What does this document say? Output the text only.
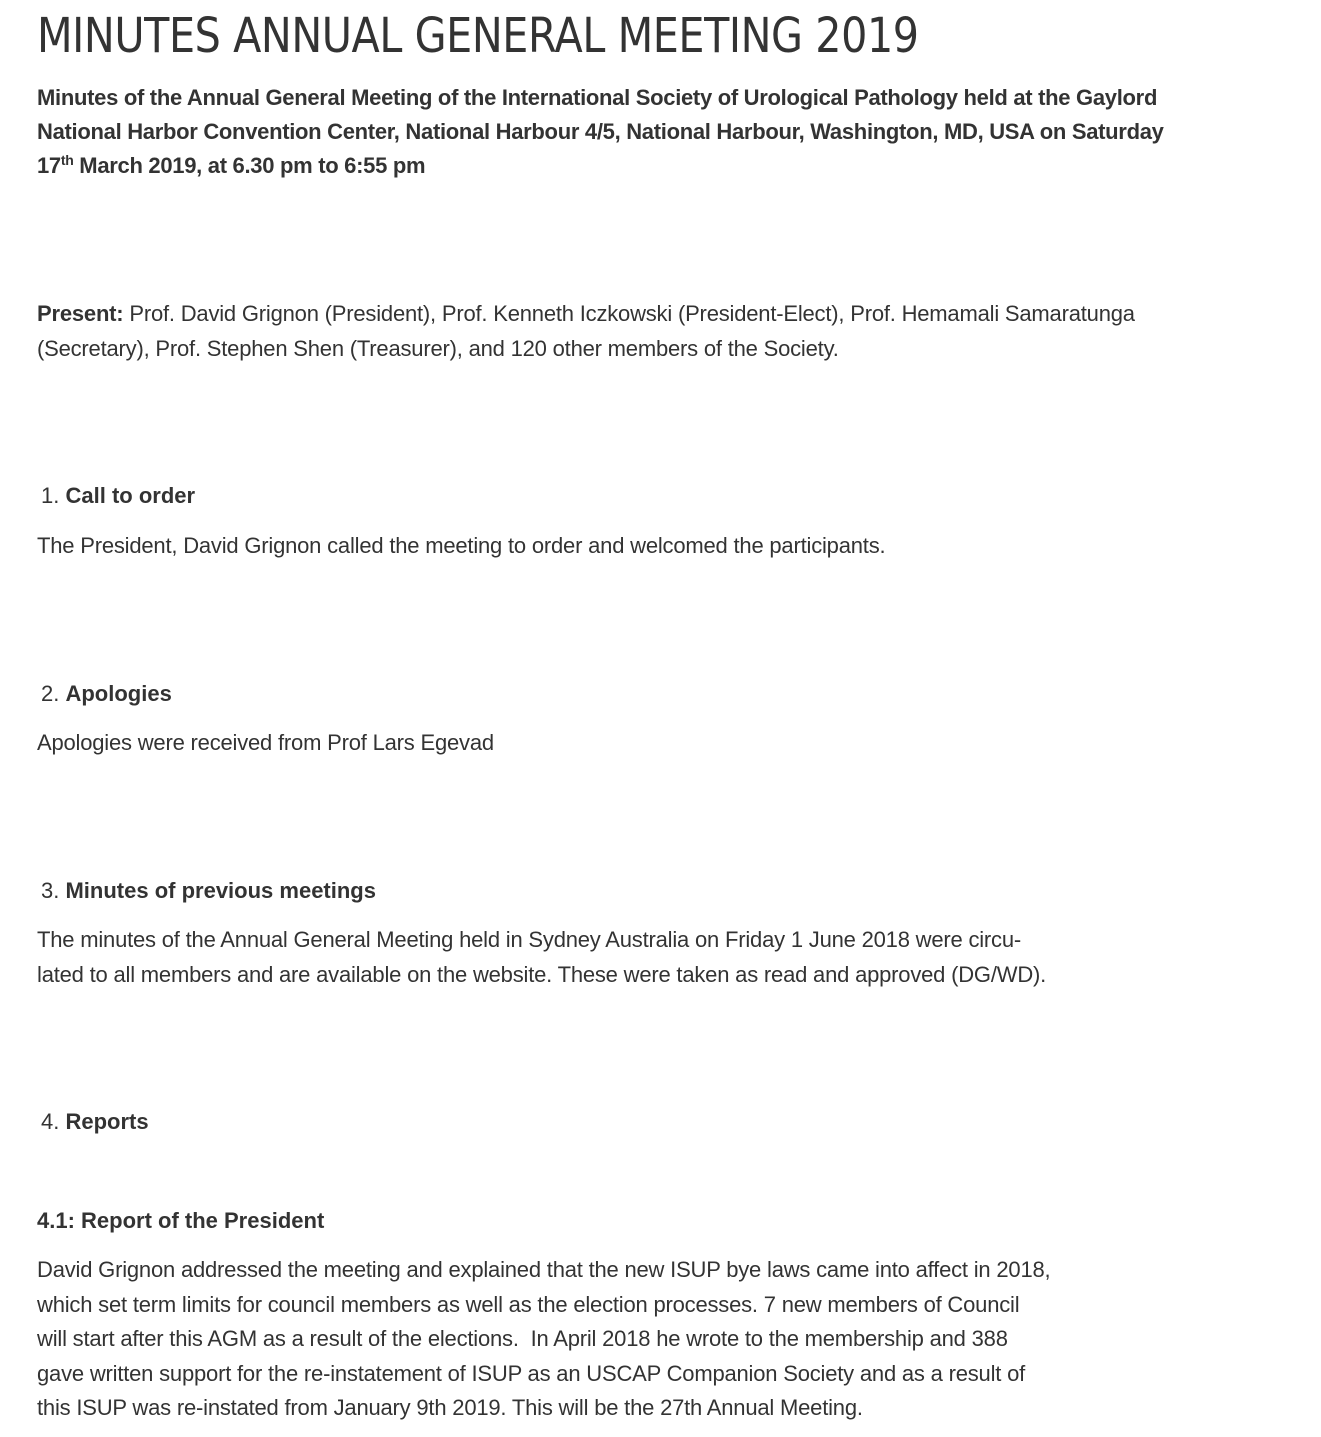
MINUTES ANNUAL GENERAL MEETING 2019

Minutes of the Annual General Meeting of the International Society of Urological Pathology held at the Gaylord National Harbor Convention Center, National Harbour 4/5, National Harbour, Washington, MD, USA on Saturday 17th March 2019, at 6.30 pm to 6:55 pm

Present: Prof. David Grignon (President), Prof. Kenneth Iczkowski (President-Elect), Prof. Hemamali Samaratunga (Secretary), Prof. Stephen Shen (Treasurer), and 120 other members of the Society.

1. Call to order

The President, David Grignon called the meeting to order and welcomed the participants.

2. Apologies

Apologies were received from Prof Lars Egevad

3. Minutes of previous meetings

The minutes of the Annual General Meeting held in Sydney Australia on Friday 1 June 2018 were circu-
lated to all members and are available on the website. These were taken as read and approved (DG/WD).

4. Reports
4.1: Report of the President

David Grignon addressed the meeting and explained that the new ISUP bye laws came into affect in 2018,
which set term limits for council members as well as the election processes. 7 new members of Council
will start after this AGM as a result of the elections.  In April 2018 he wrote to the membership and 388
gave written support for the re-instatement of ISUP as an USCAP Companion Society and as a result of
this ISUP was re-instated from January 9th 2019. This will be the 27th Annual Meeting.
